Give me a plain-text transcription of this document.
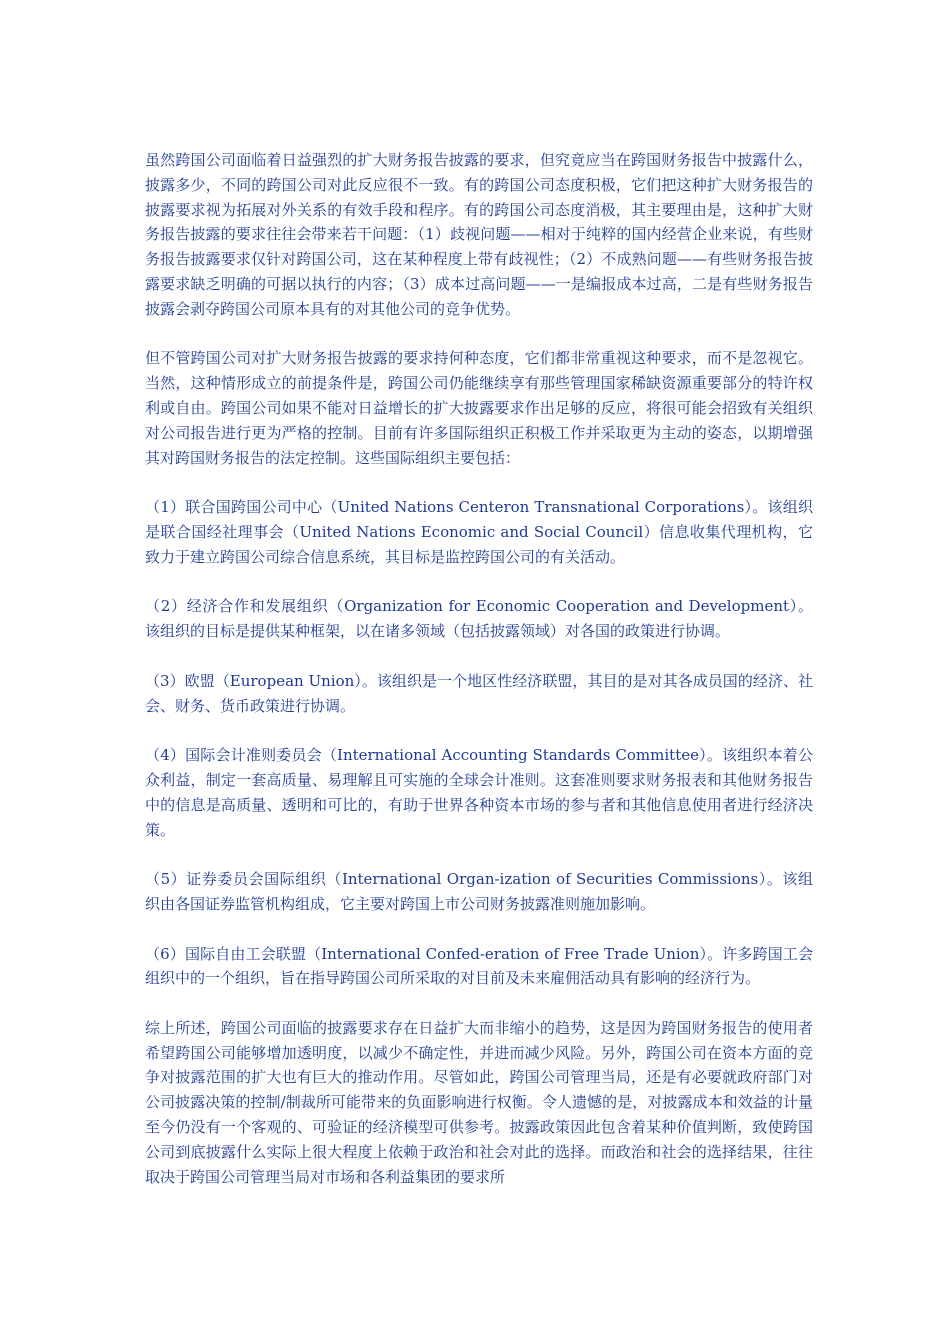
虽然跨国公司面临着日益强烈的扩大财务报告披露的要求，但究竟应当在跨国财务报告中披露什么，披露多少，不同的跨国公司对此反应很不一致。有的跨国公司态度积极，它们把这种扩大财务报告的披露要求视为拓展对外关系的有效手段和程序。有的跨国公司态度消极，其主要理由是，这种扩大财务报告披露的要求往往会带来若干问题：（1）歧视问题——相对于纯粹的国内经营企业来说，有些财务报告披露要求仅针对跨国公司，这在某种程度上带有歧视性；（2）不成熟问题——有些财务报告披露要求缺乏明确的可据以执行的内容；（3）成本过高问题——一是编报成本过高，二是有些财务报告披露会剥夺跨国公司原本具有的对其他公司的竞争优势。

但不管跨国公司对扩大财务报告披露的要求持何种态度，它们都非常重视这种要求，而不是忽视它。当然，这种情形成立的前提条件是，跨国公司仍能继续享有那些管理国家稀缺资源重要部分的特许权利或自由。跨国公司如果不能对日益增长的扩大披露要求作出足够的反应，将很可能会招致有关组织对公司报告进行更为严格的控制。目前有许多国际组织正积极工作并采取更为主动的姿态，以期增强其对跨国财务报告的法定控制。这些国际组织主要包括：

（1）联合国跨国公司中心（United Nations Centeron Transnational Corporations）。该组织是联合国经社理事会（United Nations Economic and Social Council）信息收集代理机构，它致力于建立跨国公司综合信息系统，其目标是监控跨国公司的有关活动。

（2）经济合作和发展组织（Organization for Economic Cooperation and Development）。该组织的目标是提供某种框架，以在诸多领域（包括披露领域）对各国的政策进行协调。

（3）欧盟（European Union）。该组织是一个地区性经济联盟，其目的是对其各成员国的经济、社会、财务、货币政策进行协调。

（4）国际会计准则委员会（International Accounting Standards Committee）。该组织本着公众利益，制定一套高质量、易理解且可实施的全球会计准则。这套准则要求财务报表和其他财务报告中的信息是高质量、透明和可比的，有助于世界各种资本市场的参与者和其他信息使用者进行经济决策。

（5）证券委员会国际组织（International Organ-ization of Securities Commissions）。该组织由各国证券监管机构组成，它主要对跨国上市公司财务披露准则施加影响。

（6）国际自由工会联盟（International Confed-eration of Free Trade Union）。许多跨国工会组织中的一个组织，旨在指导跨国公司所采取的对目前及未来雇佣活动具有影响的经济行为。

综上所述，跨国公司面临的披露要求存在日益扩大而非缩小的趋势，这是因为跨国财务报告的使用者希望跨国公司能够增加透明度，以减少不确定性，并进而减少风险。另外，跨国公司在资本方面的竞争对披露范围的扩大也有巨大的推动作用。尽管如此，跨国公司管理当局，还是有必要就政府部门对公司披露决策的控制/制裁所可能带来的负面影响进行权衡。令人遗憾的是，对披露成本和效益的计量至今仍没有一个客观的、可验证的经济模型可供参考。披露政策因此包含着某种价值判断，致使跨国公司到底披露什么实际上很大程度上依赖于政治和社会对此的选择。而政治和社会的选择结果，往往取决于跨国公司管理当局对市场和各利益集团的要求所
